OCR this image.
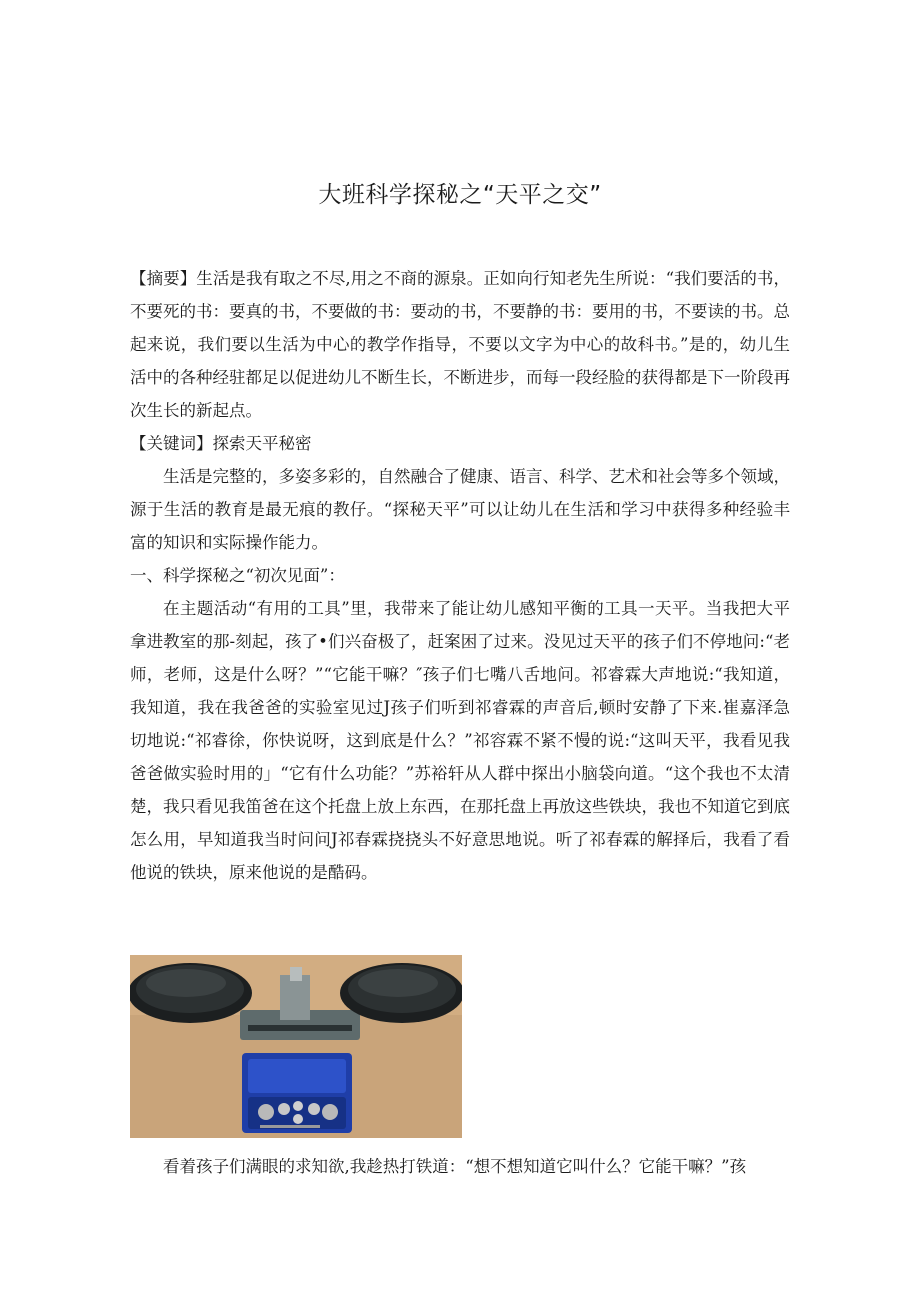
大班科学探秘之“天平之交”

【摘要】生活是我有取之不尽,用之不商的源泉。正如向行知老先生所说：“我们要活的书，不要死的书：要真的书，不要做的书：要动的书，不要静的书：要用的书，不要读的书。总起来说，我们要以生活为中心的教学作指导，不要以文字为中心的故科书。”是的，幼儿生活中的各种经驻都足以促进幼儿不断生长，不断进步，而每一段经脸的获得都是下一阶段再次生长的新起点。

【关键词】探索天平秘密

生活是完整的，多姿多彩的，自然融合了健康、语言、科学、艺术和社会等多个领域，源于生活的教育是最无痕的教仔。“探秘天平”可以让幼儿在生活和学习中获得多种经验丰富的知识和实际操作能力。

一、科学探秘之“初次见面”：

在主题活动“有用的工具”里，我带来了能让幼儿感知平衡的工具一天平。当我把大平拿进教室的那-刻起，孩了•们兴奋极了，赶案困了过来。没见过天平的孩子们不停地问:“老师，老师，这是什么呀？”“它能干嘛？″孩子们七嘴八舌地问。祁睿霖大声地说:“我知道，我知道，我在我爸爸的实验室见过J孩子们听到祁睿霖的声音后,顿时安静了下来.崔嘉泽急切地说:“祁睿徐，你快说呀，这到底是什么？”祁容霖不紧不慢的说:“这叫天平，我看见我爸爸做实验时用的」“它有什么功能？”苏裕轩从人群中探出小脑袋向道。“这个我也不太清楚，我只看见我笛爸在这个托盘上放上东西，在那托盘上再放这些铁块，我也不知道它到底怎么用，早知道我当时问问J祁春霖挠挠头不好意思地说。听了祁春霖的解择后，我看了看他说的铁块，原来他说的是酷码。

看着孩子们满眼的求知欲,我趁热打铁道：“想不想知道它叫什么？它能干嘛？”孩
